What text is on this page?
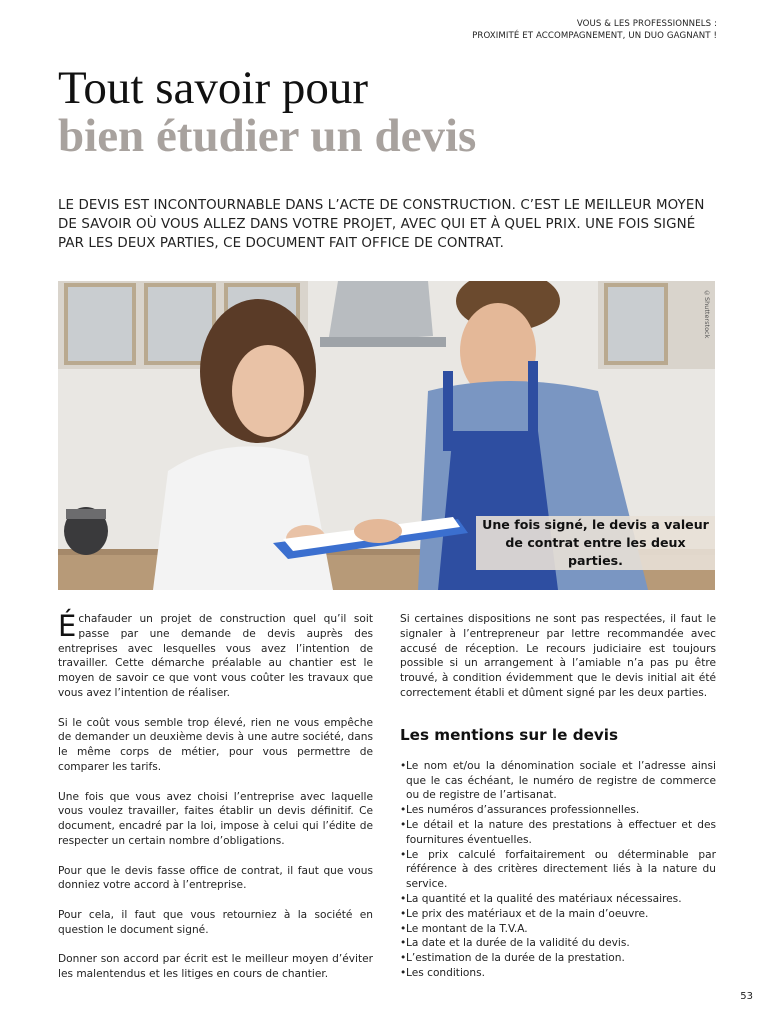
VOUS & LES PROFESSIONNELS :
PROXIMITÉ ET ACCOMPAGNEMENT, UN DUO GAGNANT !
Tout savoir pour
bien étudier un devis
LE DEVIS EST INCONTOURNABLE DANS L’ACTE DE CONSTRUCTION. C’EST LE MEILLEUR MOYEN DE SAVOIR OÙ VOUS ALLEZ DANS VOTRE PROJET, AVEC QUI ET À QUEL PRIX. UNE FOIS SIGNÉ PAR LES DEUX PARTIES, CE DOCUMENT FAIT OFFICE DE CONTRAT.
©Shutterstock
Une fois signé, le devis a valeur
de contrat entre les deux parties.

Échafauder un projet de construction quel qu’il soit passe par une demande de devis auprès des entreprises avec lesquelles vous avez l’intention de travailler. Cette démarche préalable au chantier est le moyen de savoir ce que vont vous coûter les travaux que vous avez l’intention de réaliser.

Si le coût vous semble trop élevé, rien ne vous empêche de demander un deuxième devis à une autre société, dans le même corps de métier, pour vous permettre de comparer les tarifs.

Une fois que vous avez choisi l’entreprise avec laquelle vous voulez travailler, faites établir un devis définitif. Ce document, encadré par la loi, impose à celui qui l’édite de respecter un certain nombre d’obligations.

Pour que le devis fasse office de contrat, il faut que vous donniez votre accord à l’entreprise.

Pour cela, il faut que vous retourniez à la société en question le document signé.

Donner son accord par écrit est le meilleur moyen d’éviter les malentendus et les litiges en cours de chantier.

Si certaines dispositions ne sont pas respectées, il faut le signaler à l’entrepreneur par lettre recommandée avec accusé de réception. Le recours judiciaire est toujours possible si un arrangement à l’amiable n’a pas pu être trouvé, à condition évidemment que le devis initial ait été correctement établi et dûment signé par les deux parties.

Les mentions sur le devis
• Le nom et/ou la dénomination sociale et l’adresse ainsi que le cas échéant, le numéro de registre de commerce ou de registre de l’artisanat.
• Les numéros d’assurances professionnelles.
• Le détail et la nature des prestations à effectuer et des fournitures éventuelles.
• Le prix calculé forfaitairement ou déterminable par référence à des critères directement liés à la nature du service.
• La quantité et la qualité des matériaux nécessaires.
• Le prix des matériaux et de la main d’oeuvre.
• Le montant de la T.V.A.
• La date et la durée de la validité du devis.
• L’estimation de la durée de la prestation.
• Les conditions.
53
